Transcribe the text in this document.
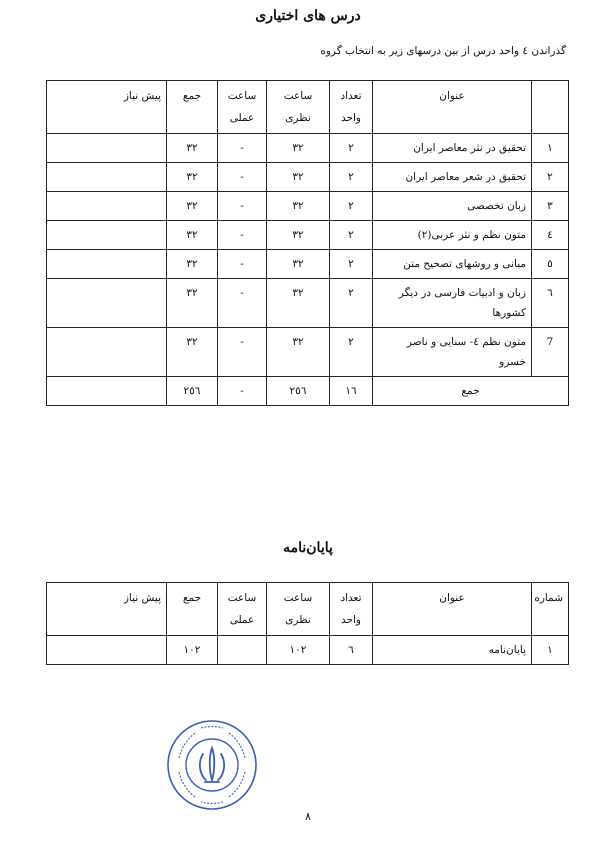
درس های اختیاری
گذراندن ٤ واحد درس از بین درسهای زیر به انتخاب گروه
	عنوان	تعداد واحد	ساعت نظری	ساعت عملی	جمع	پیش نیاز
١	تحقیق در نثر معاصر ایران	٢	٣٢	-	٣٢	
٢	تحقیق در شعر معاصر ایران	٢	٣٢	-	٣٢	
٣	زبان تخصصی	٢	٣٢	-	٣٢	
٤	متون نظم و نثر عربی(٢)	٢	٣٢	-	٣٢	
٥	مبانی و روشهای تصحیح متن	٢	٣٢	-	٣٢	
٦	زبان و ادبیات فارسی در دیگر کشورها	٢	٣٢	-	٣٢	
7	متون نظم ٤- سنایی و ناصر خسرو	٢	٣٢	-	٣٢	
جمع		١٦	٢٥٦	-	٢٥٦	
پایان‌نامه
شماره	عنوان	تعداد واحد	ساعت نظری	ساعت عملی	جمع	پیش نیاز
١	پایان‌نامه	٦	١٠٢		١٠٢	
٨
